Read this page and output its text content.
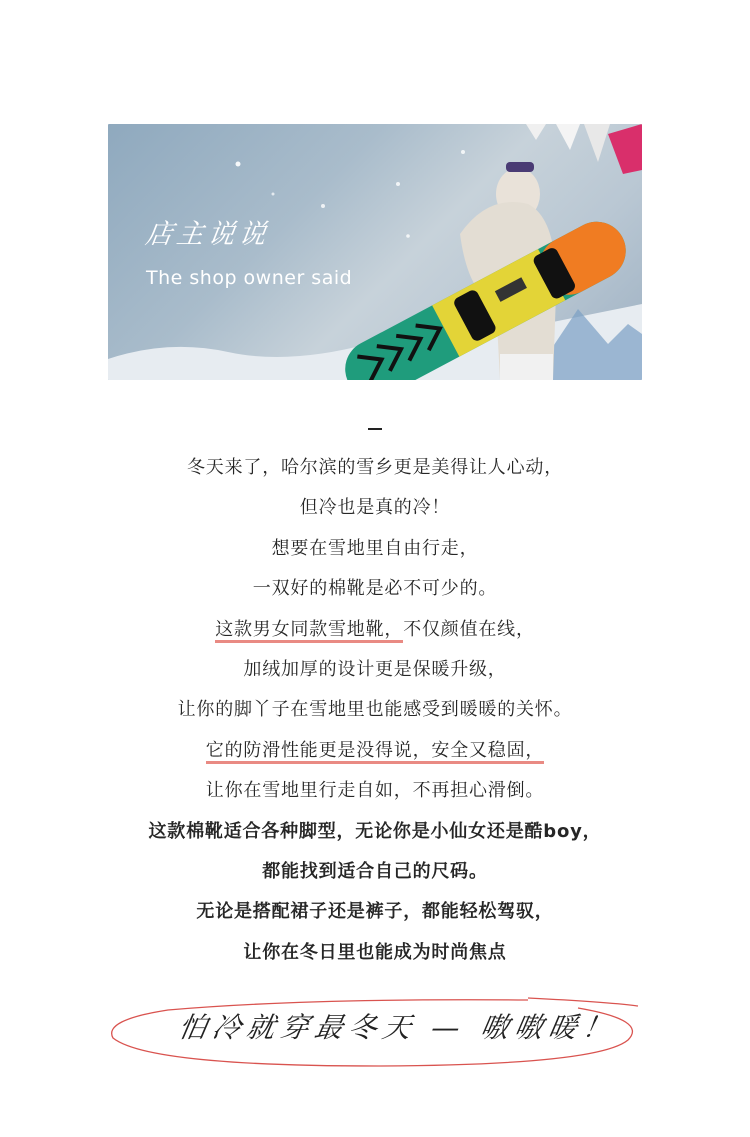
店主说说
The shop owner said
冬天来了，哈尔滨的雪乡更是美得让人心动，
但冷也是真的冷！
想要在雪地里自由行走，
一双好的棉靴是必不可少的。
这款男女同款雪地靴，不仅颜值在线，
加绒加厚的设计更是保暖升级，
让你的脚丫子在雪地里也能感受到暖暖的关怀。
它的防滑性能更是没得说，安全又稳固，
让你在雪地里行走自如，不再担心滑倒。
这款棉靴适合各种脚型，无论你是小仙女还是酷boy，
都能找到适合自己的尺码。
无论是搭配裙子还是裤子，都能轻松驾驭，
让你在冬日里也能成为时尚焦点
怕冷就穿最冬天 — 嗷嗷暖！
